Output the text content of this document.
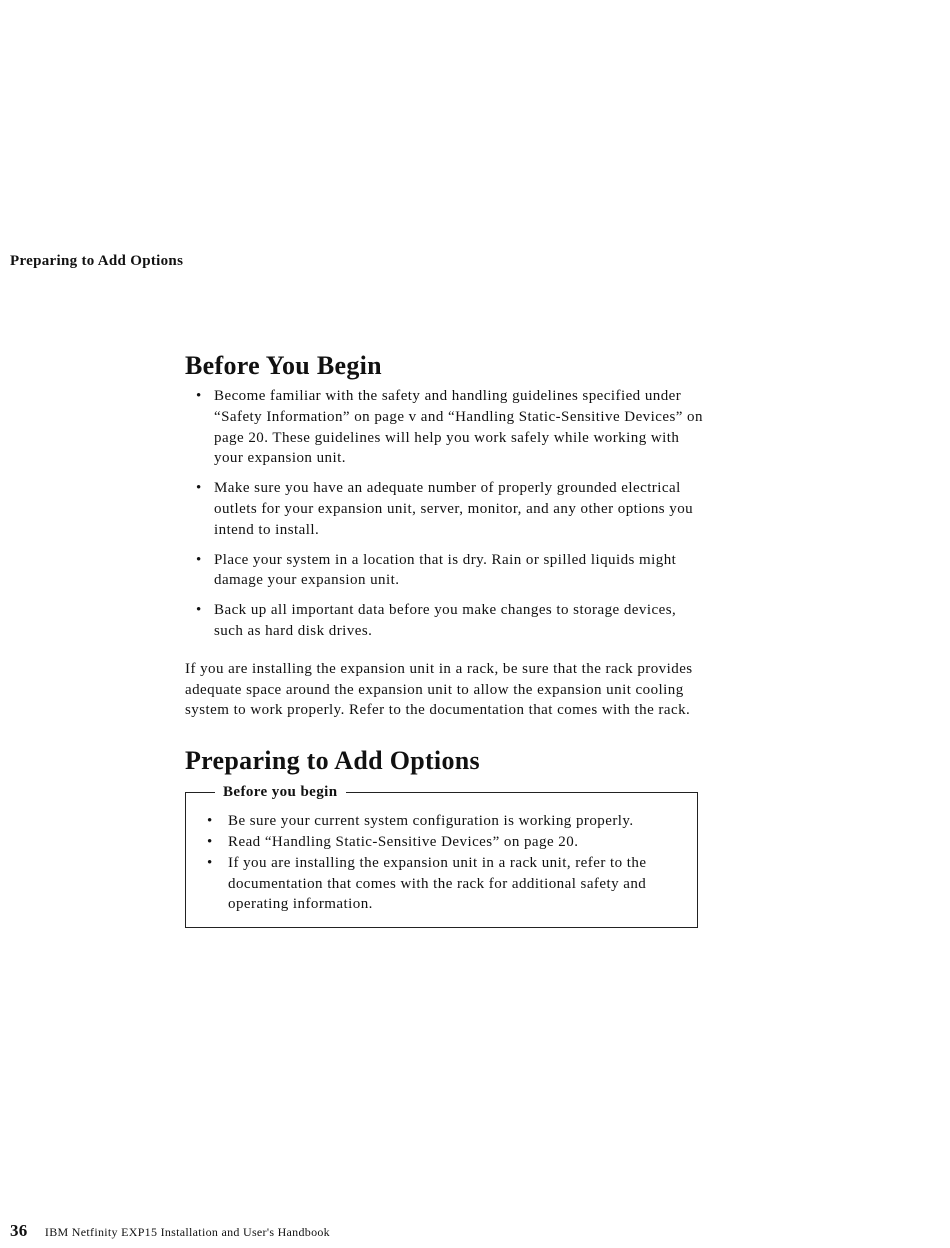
Preparing to Add Options

Before You Begin
• Become familiar with the safety and handling guidelines specified under “Safety Information” on page v and “Handling Static-Sensitive Devices” on page 20. These guidelines will help you work safely while working with your expansion unit.
• Make sure you have an adequate number of properly grounded electrical outlets for your expansion unit, server, monitor, and any other options you intend to install.
• Place your system in a location that is dry. Rain or spilled liquids might damage your expansion unit.
• Back up all important data before you make changes to storage devices, such as hard disk drives.

If you are installing the expansion unit in a rack, be sure that the rack provides adequate space around the expansion unit to allow the expansion unit cooling system to work properly. Refer to the documentation that comes with the rack.

Preparing to Add Options
Before you begin
• Be sure your current system configuration is working properly.
• Read “Handling Static-Sensitive Devices” on page 20.
• If you are installing the expansion unit in a rack unit, refer to the documentation that comes with the rack for additional safety and operating information.
36 IBM Netfinity EXP15 Installation and User's Handbook
